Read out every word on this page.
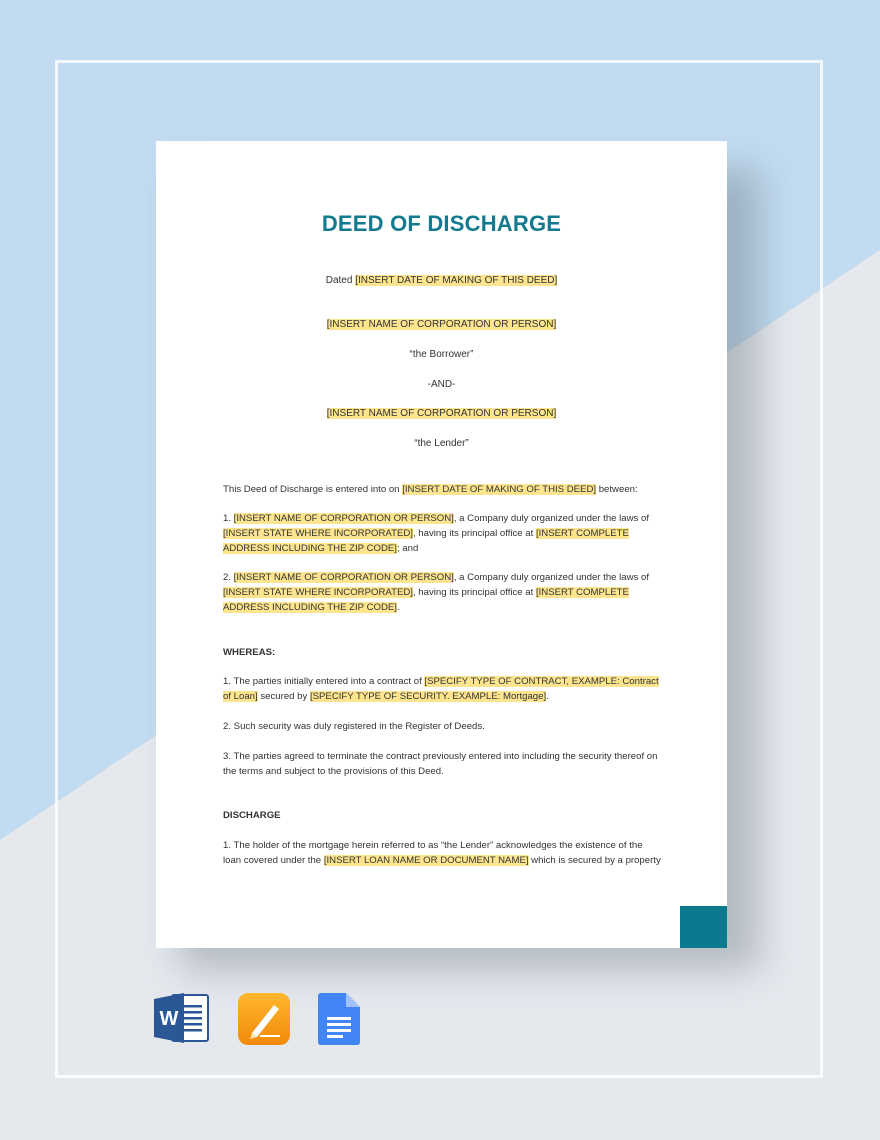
DEED OF DISCHARGE
Dated [INSERT DATE OF MAKING OF THIS DEED]
[INSERT NAME OF CORPORATION OR PERSON]
“the Borrower”
-AND-
[INSERT NAME OF CORPORATION OR PERSON]
“the Lender”

This Deed of Discharge is entered into on [INSERT DATE OF MAKING OF THIS DEED] between:

1. [INSERT NAME OF CORPORATION OR PERSON], a Company duly organized under the laws of [INSERT STATE WHERE INCORPORATED], having its principal office at [INSERT COMPLETE ADDRESS INCLUDING THE ZIP CODE]; and

2. [INSERT NAME OF CORPORATION OR PERSON], a Company duly organized under the laws of [INSERT STATE WHERE INCORPORATED], having its principal office at [INSERT COMPLETE ADDRESS INCLUDING THE ZIP CODE].

WHEREAS:

1. The parties initially entered into a contract of [SPECIFY TYPE OF CONTRACT, EXAMPLE: Contract of Loan] secured by [SPECIFY TYPE OF SECURITY. EXAMPLE: Mortgage].

2. Such security was duly registered in the Register of Deeds.
3. The parties agreed to terminate the contract previously entered into including the security thereof on the terms and subject to the provisions of this Deed.
DISCHARGE

1. The holder of the mortgage herein referred to as “the Lender” acknowledges the existence of the loan covered under the [INSERT LOAN NAME OR DOCUMENT NAME] which is secured by a property

W
